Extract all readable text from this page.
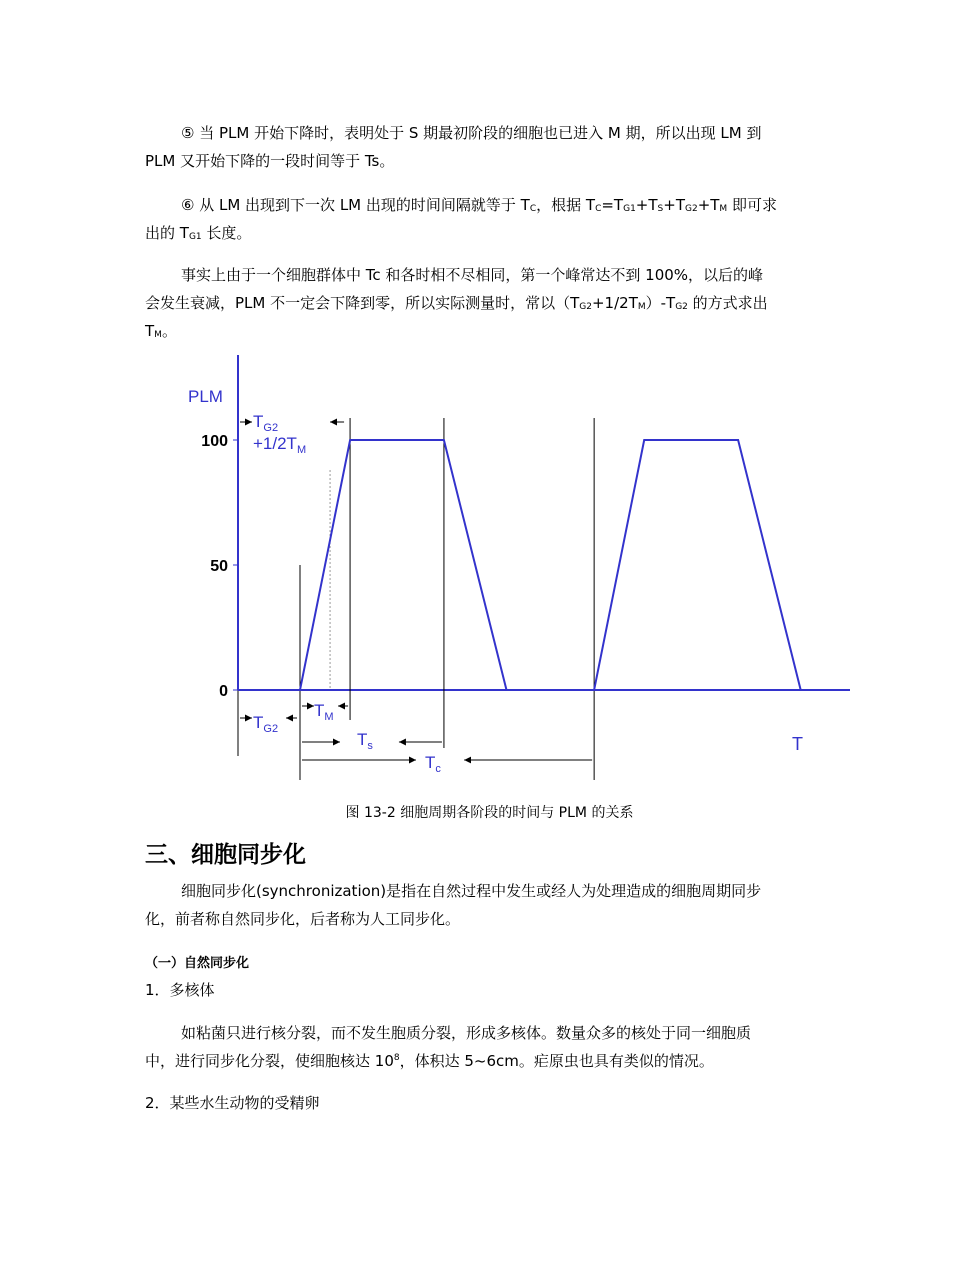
⑤ 当 PLM 开始下降时，表明处于 S 期最初阶段的细胞也已进入 M 期，所以出现 LM 到
PLM 又开始下降的一段时间等于 Ts。
⑥ 从 LM 出现到下一次 LM 出现的时间间隔就等于 $T_C$，根据 $T_C=T_{G1}+T_S+T_{G2}+T_M$ 即可求
出的 $T_{G1}$ 长度。
事实上由于一个细胞群体中 Tc 和各时相不尽相同，第一个峰常达不到 100%，以后的峰
会发生衰减，PLM 不一定会下降到零，所以实际测量时，常以$(T_{G2}+1/2T_M)-T_{G2}$ 的方式求出
$T_M$。
0
50
100
PLM
T
$T_{G2}$
$+1/2T_M$
$T_M$
$T_{G2}$
$T_s$
$T_c$
图 13-2 细胞周期各阶段的时间与 PLM 的关系
三、细胞同步化
细胞同步化(synchronization)是指在自然过程中发生或经人为处理造成的细胞周期同步
化，前者称自然同步化，后者称为人工同步化。
（一）自然同步化
1．多核体
如粘菌只进行核分裂，而不发生胞质分裂，形成多核体。数量众多的核处于同一细胞质
中，进行同步化分裂，使细胞核达 $10^8$，体积达 5~6cm。疟原虫也具有类似的情况。
2．某些水生动物的受精卵
